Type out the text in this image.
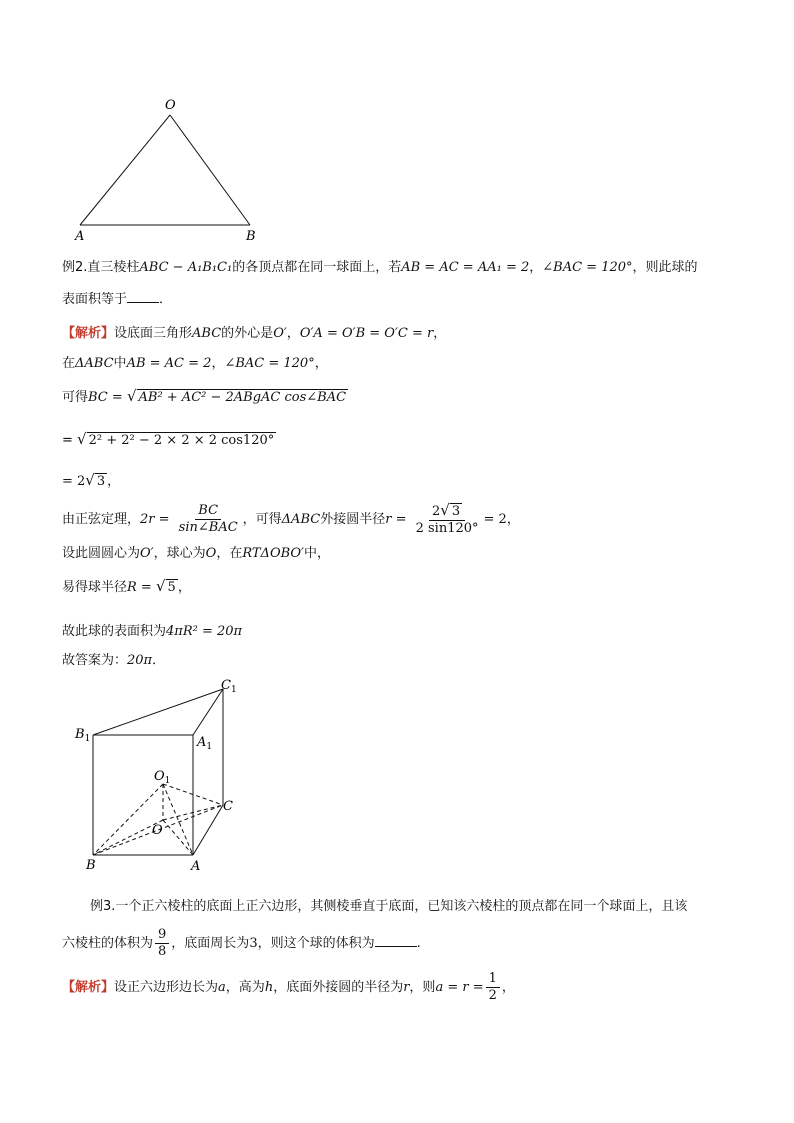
O
A	B
例2.直三棱柱ABC − A₁B₁C₁的各顶点都在同一球面上，若AB = AC = AA₁ = 2，∠BAC = 120°，则此球的
表面积等于 ．
【解析】设底面三角形ABC的外心是O′，O′A = O′B = O′C = r，
在ΔABC中AB = AC = 2，∠BAC = 120°，
可得BC = √ AB² + AC² − 2ABgAC cos∠BAC
= √ 2² + 2² − 2 × 2 × 2 cos120°
= 2√ 3 ，
由正弦定理，$2r = \frac{BC}{\text{sin∠BAC}}$ ，可得ΔABC外接圆半径$r = \frac{2√ 3}{2 \sin 120^\circ} = 2$，
设此圆圆心为O′，球心为O，在RTΔOBO′中，
易得球半径R = √ 5 ，
故此球的表面积为4πR² = 20π
故答案为：20π．
$C_1$
$B_1$	$A_1$
$O_1$
C
O
B	A
例3.一个正六棱柱的底面上正六边形，其侧棱垂直于底面，已知该六棱柱的顶点都在同一个球面上，且该
六棱柱的体积为 $\frac{9}{8}$ ，底面周长为3，则这个球的体积为	.
【解析】设正六边形边长为a，高为h，底面外接圆的半径为r，则$a = r = \frac{1}{2}$ ，
